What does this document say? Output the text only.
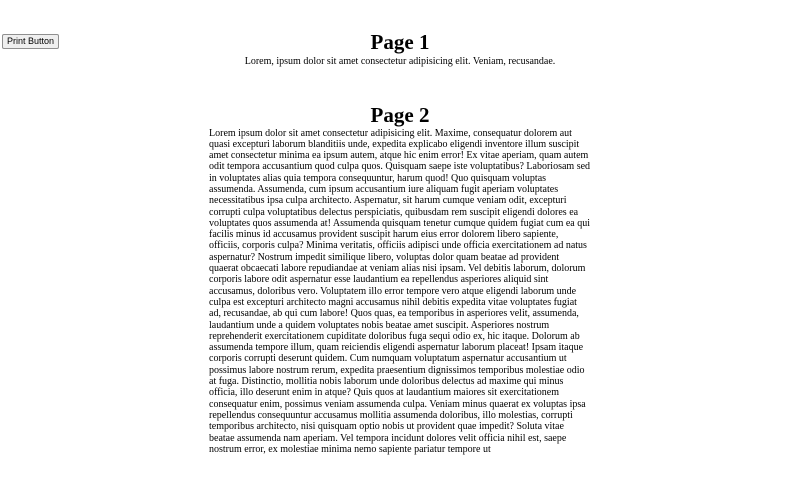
Print Button	Page 1

Lorem, ipsum dolor sit amet consectetur adipisicing elit. Veniam, recusandae.

Page 2

Lorem ipsum dolor sit amet consectetur adipisicing elit. Maxime, consequatur dolorem aut quasi excepturi laborum blanditiis unde, expedita explicabo eligendi inventore illum suscipit amet consectetur minima ea ipsum autem, atque hic enim error! Ex vitae aperiam, quam autem odit tempora accusantium quod culpa quos. Quisquam saepe iste voluptatibus? Laboriosam sed in voluptates alias quia tempora consequuntur, harum quod! Quo quisquam voluptas assumenda. Assumenda, cum ipsum accusantium iure aliquam fugit aperiam voluptates necessitatibus ipsa culpa architecto. Aspernatur, sit harum cumque veniam odit, excepturi corrupti culpa voluptatibus delectus perspiciatis, quibusdam rem suscipit eligendi dolores ea voluptates quos assumenda at! Assumenda quisquam tenetur cumque quidem fugiat cum ea qui facilis minus id accusamus provident suscipit harum eius error dolorem libero sapiente, officiis, corporis culpa? Minima veritatis, officiis adipisci unde officia exercitationem ad natus aspernatur? Nostrum impedit similique libero, voluptas dolor quam beatae ad provident quaerat obcaecati labore repudiandae at veniam alias nisi ipsam. Vel debitis laborum, dolorum corporis labore odit aspernatur esse laudantium ea repellendus asperiores aliquid sint accusamus, doloribus vero. Voluptatem illo error tempore vero atque eligendi laborum unde culpa est excepturi architecto magni accusamus nihil debitis expedita vitae voluptates fugiat ad, recusandae, ab qui cum labore! Quos quas, ea temporibus in asperiores velit, assumenda, laudantium unde a quidem voluptates nobis beatae amet suscipit. Asperiores nostrum reprehenderit exercitationem cupiditate doloribus fuga sequi odio ex, hic itaque. Dolorum ab assumenda tempore illum, quam reiciendis eligendi aspernatur laborum placeat! Ipsam itaque corporis corrupti deserunt quidem. Cum numquam voluptatum aspernatur accusantium ut possimus labore nostrum rerum, expedita praesentium dignissimos temporibus molestiae odio at fuga. Distinctio, mollitia nobis laborum unde doloribus delectus ad maxime qui minus officia, illo deserunt enim in atque? Quis quos at laudantium maiores sit exercitationem consequatur enim, possimus veniam assumenda culpa. Veniam minus quaerat ex voluptas ipsa repellendus consequuntur accusamus mollitia assumenda doloribus, illo molestias, corrupti temporibus architecto, nisi quisquam optio nobis ut provident quae impedit? Soluta vitae beatae assumenda nam aperiam. Vel tempora incidunt dolores velit officia nihil est, saepe nostrum error, ex molestiae minima nemo sapiente pariatur tempore ut
